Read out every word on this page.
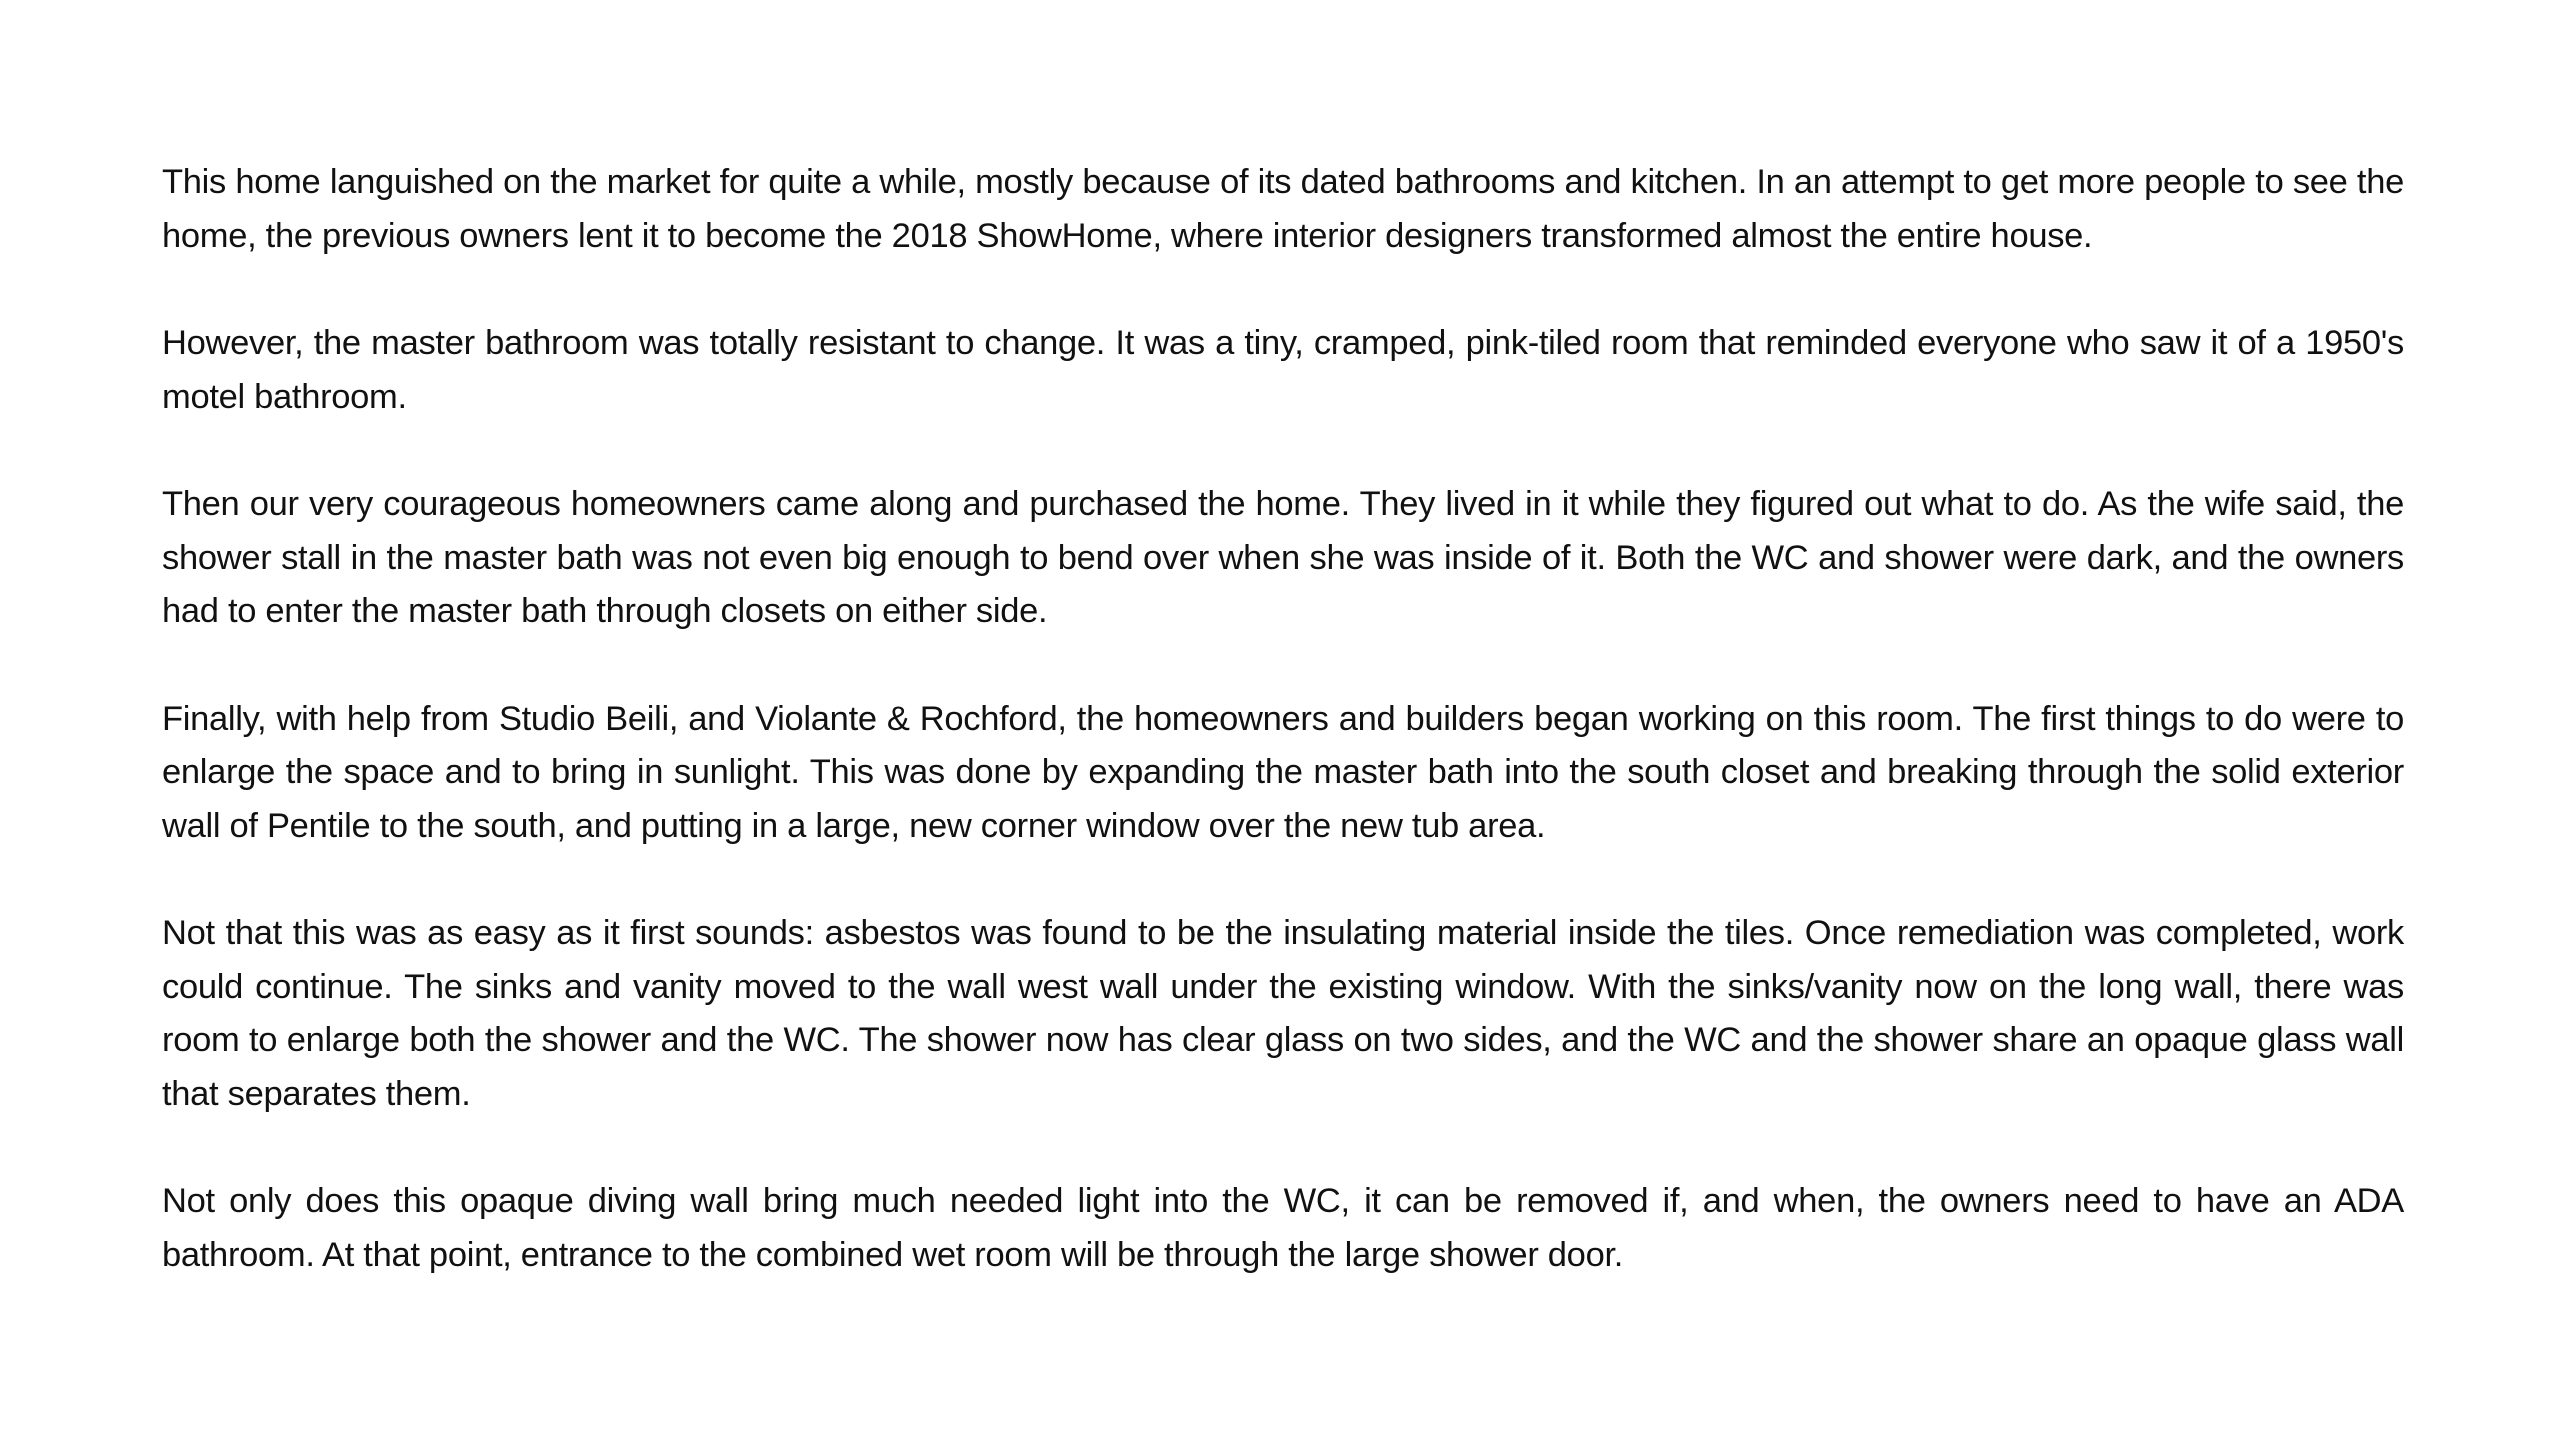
This home languished on the market for quite a while, mostly because of its dated bathrooms and kitchen. In an attempt to get more people to see the home, the previous owners lent it to become the 2018 ShowHome, where interior designers transformed almost the entire house.

However, the master bathroom was totally resistant to change. It was a tiny, cramped, pink-tiled room that reminded everyone who saw it of a 1950's motel bathroom.

Then our very courageous homeowners came along and purchased the home. They lived in it while they figured out what to do. As the wife said, the shower stall in the master bath was not even big enough to bend over when she was inside of it. Both the WC and shower were dark, and the owners had to enter the master bath through closets on either side.

Finally, with help from Studio Beili, and Violante & Rochford, the homeowners and builders began working on this room. The first things to do were to enlarge the space and to bring in sunlight. This was done by expanding the master bath into the south closet and breaking through the solid exterior wall of Pentile to the south, and putting in a large, new corner window over the new tub area.

Not that this was as easy as it first sounds: asbestos was found to be the insulating material inside the tiles. Once remediation was completed, work could continue. The sinks and vanity moved to the wall west wall under the existing window. With the sinks/vanity now on the long wall, there was room to enlarge both the shower and the WC. The shower now has clear glass on two sides, and the WC and the shower share an opaque glass wall that separates them.

Not only does this opaque diving wall bring much needed light into the WC, it can be removed if, and when, the owners need to have an ADA bathroom. At that point, entrance to the combined wet room will be through the large shower door.
